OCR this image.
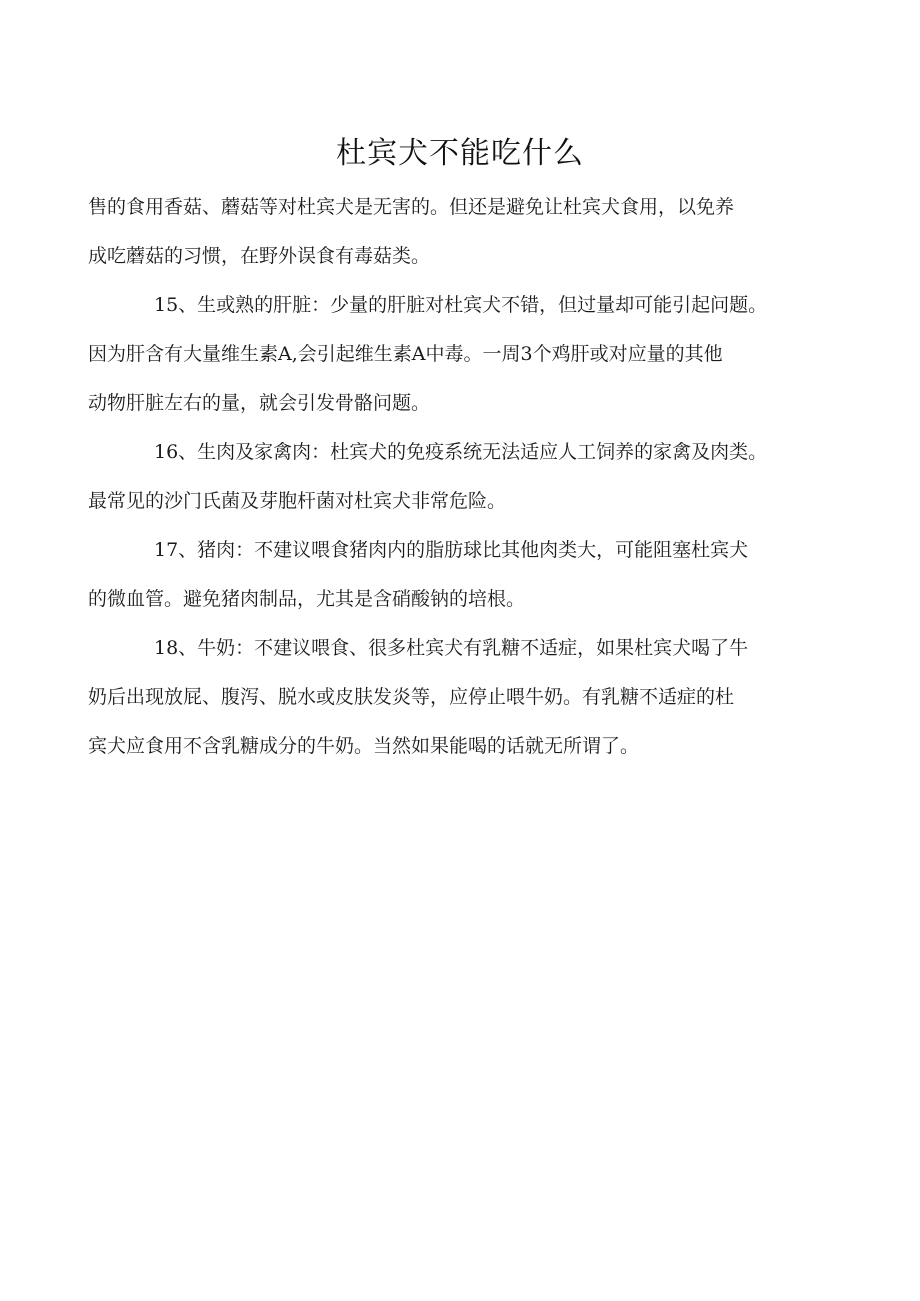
杜宾犬不能吃什么

售的食用香菇、蘑菇等对杜宾犬是无害的。但还是避免让杜宾犬食用，以免养
成吃蘑菇的习惯，在野外误食有毒菇类。

15、生或熟的肝脏：少量的肝脏对杜宾犬不错，但过量却可能引起问题。
因为肝含有大量维生素A,会引起维生素A中毒。一周3个鸡肝或对应量的其他
动物肝脏左右的量，就会引发骨骼问题。

16、生肉及家禽肉：杜宾犬的免疫系统无法适应人工饲养的家禽及肉类。
最常见的沙门氏菌及芽胞杆菌对杜宾犬非常危险。

17、猪肉：不建议喂食猪肉内的脂肪球比其他肉类大，可能阻塞杜宾犬
的微血管。避免猪肉制品，尤其是含硝酸钠的培根。

18、牛奶：不建议喂食、很多杜宾犬有乳糖不适症，如果杜宾犬喝了牛
奶后出现放屁、腹泻、脱水或皮肤发炎等，应停止喂牛奶。有乳糖不适症的杜
宾犬应食用不含乳糖成分的牛奶。当然如果能喝的话就无所谓了。
